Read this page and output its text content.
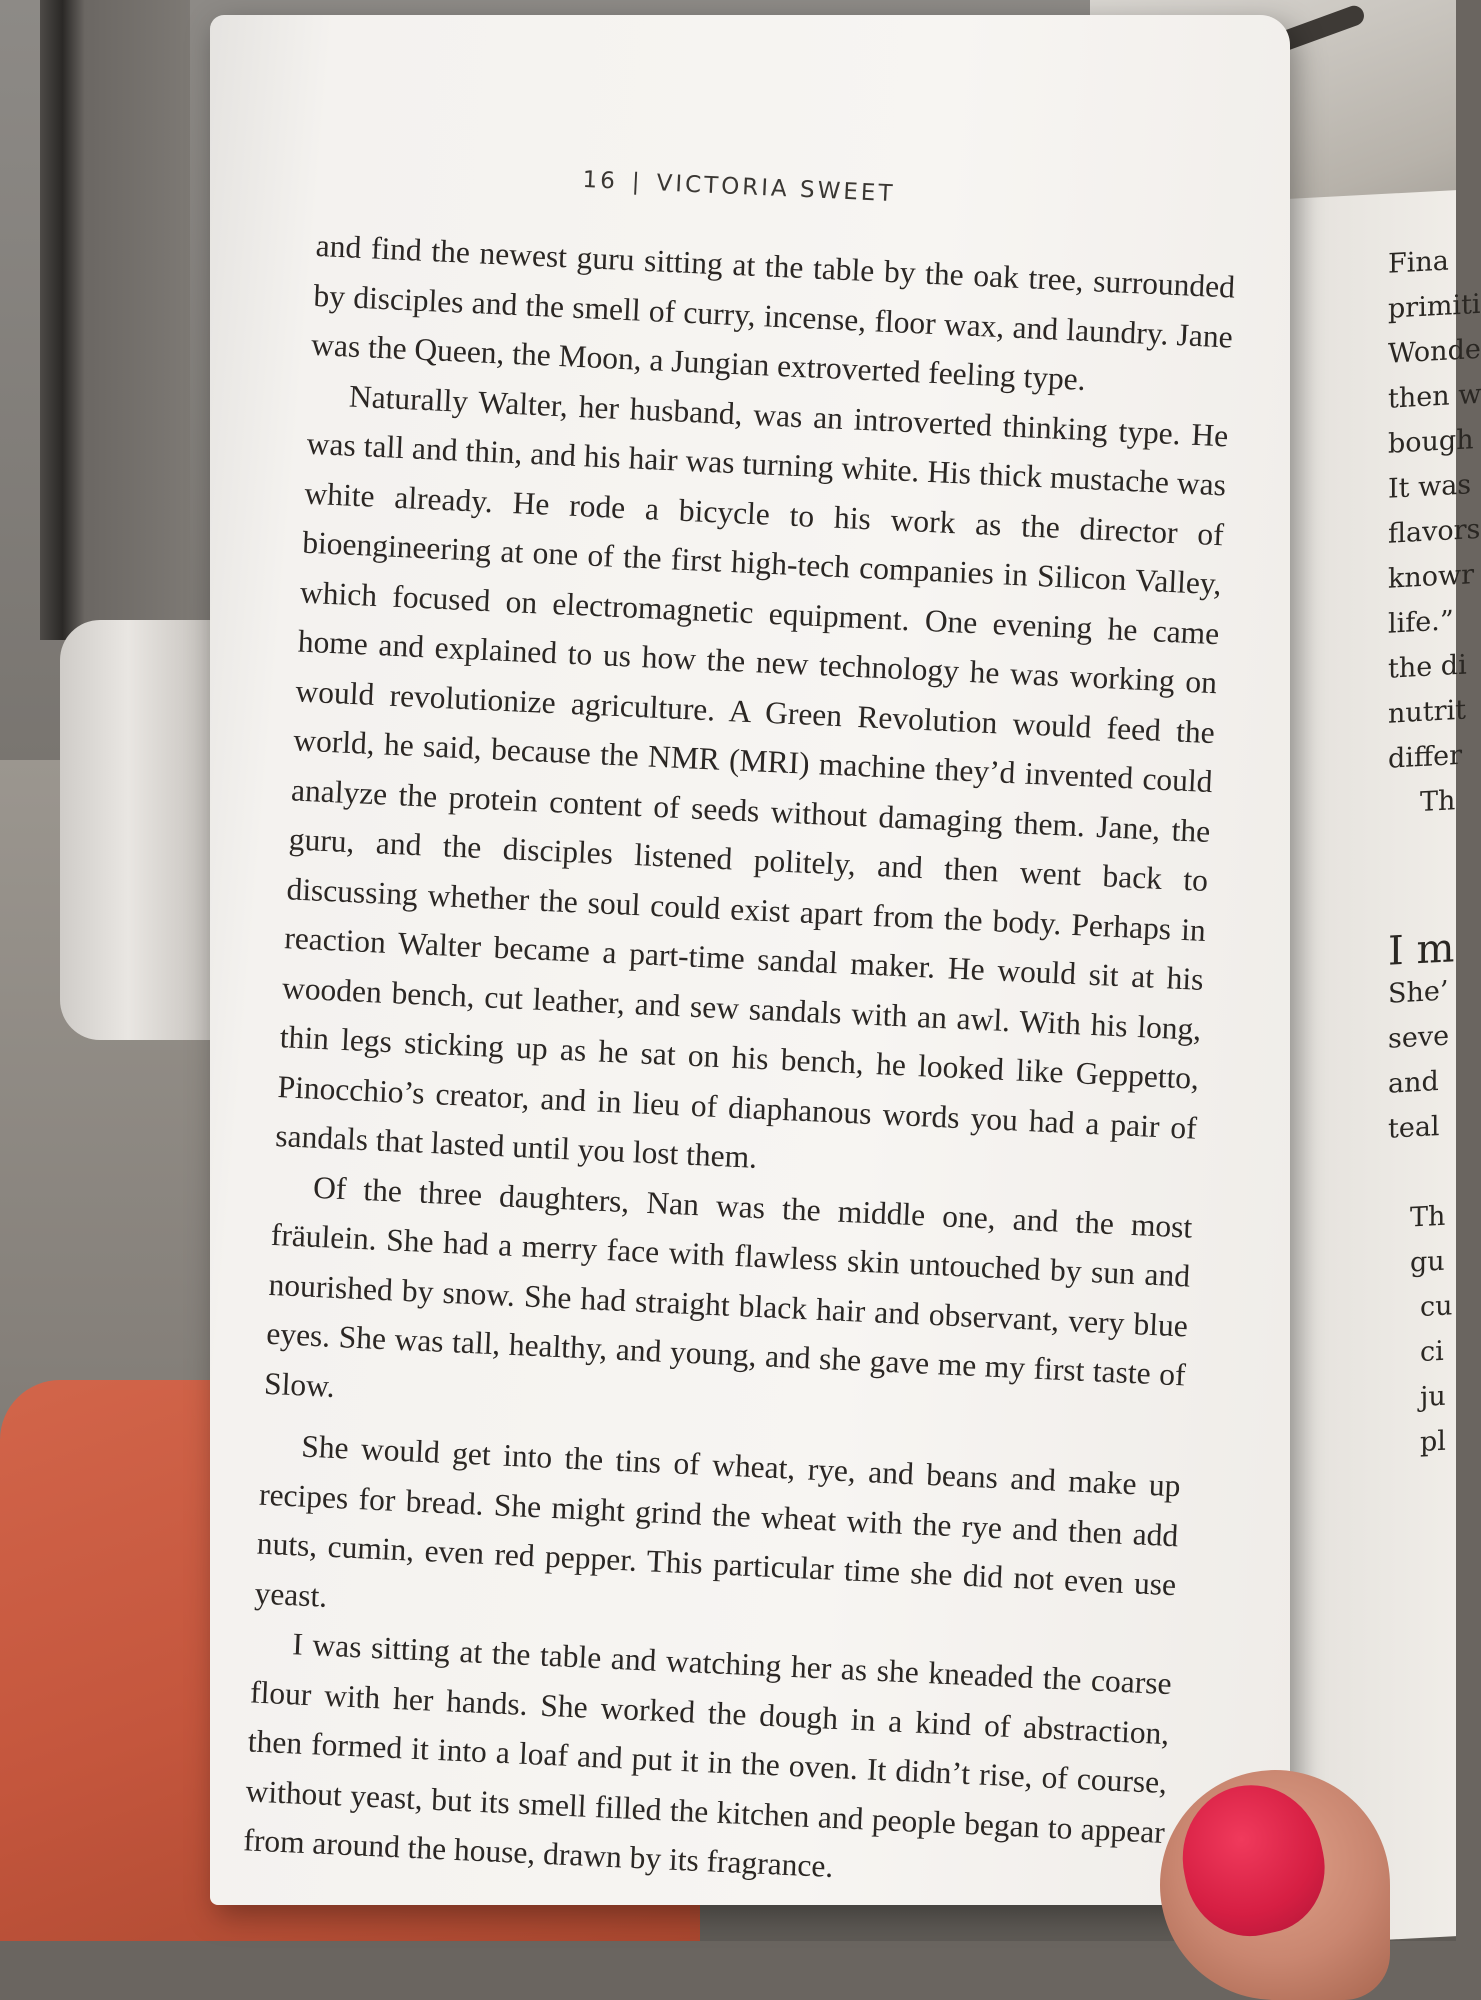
Fina
primiti
Wonde
then w
bough
It was
flavors
knowr
life.”
the di
nutrit
differ
Th
I m
She’
seve
and
teal
Th
gu
cu
ci
ju
pl
16 | VICTORIA SWEET

and find the newest guru sitting at the table by the oak tree, surrounded by disciples and the smell of curry, incense, floor wax, and laundry. Jane was the Queen, the Moon, a Jungian extroverted feeling type.

Naturally Walter, her husband, was an introverted thinking type. He was tall and thin, and his hair was turning white. His thick mustache was white already. He rode a bicycle to his work as the director of bioengineering at one of the first high-tech companies in Silicon Valley, which focused on electromagnetic equipment. One evening he came home and explained to us how the new technology he was working on would revolutionize agriculture. A Green Revolution would feed the world, he said, because the NMR (MRI) machine they’d invented could analyze the protein content of seeds without damaging them. Jane, the guru, and the disciples listened politely, and then went back to discussing whether the soul could exist apart from the body. Perhaps in reaction Walter became a part-time sandal maker. He would sit at his wooden bench, cut leather, and sew sandals with an awl. With his long, thin legs sticking up as he sat on his bench, he looked like Geppetto, Pinocchio’s creator, and in lieu of diaphanous words you had a pair of sandals that lasted until you lost them.

Of the three daughters, Nan was the middle one, and the most fräulein. She had a merry face with flawless skin untouched by sun and nourished by snow. She had straight black hair and observant, very blue eyes. She was tall, healthy, and young, and she gave me my first taste of Slow.

She would get into the tins of wheat, rye, and beans and make up recipes for bread. She might grind the wheat with the rye and then add nuts, cumin, even red pepper. This particular time she did not even use yeast.

I was sitting at the table and watching her as she kneaded the coarse flour with her hands. She worked the dough in a kind of abstraction, then formed it into a loaf and put it in the oven. It didn’t rise, of course, without yeast, but its smell filled the kitchen and people began to appear from around the house, drawn by its fragrance.
